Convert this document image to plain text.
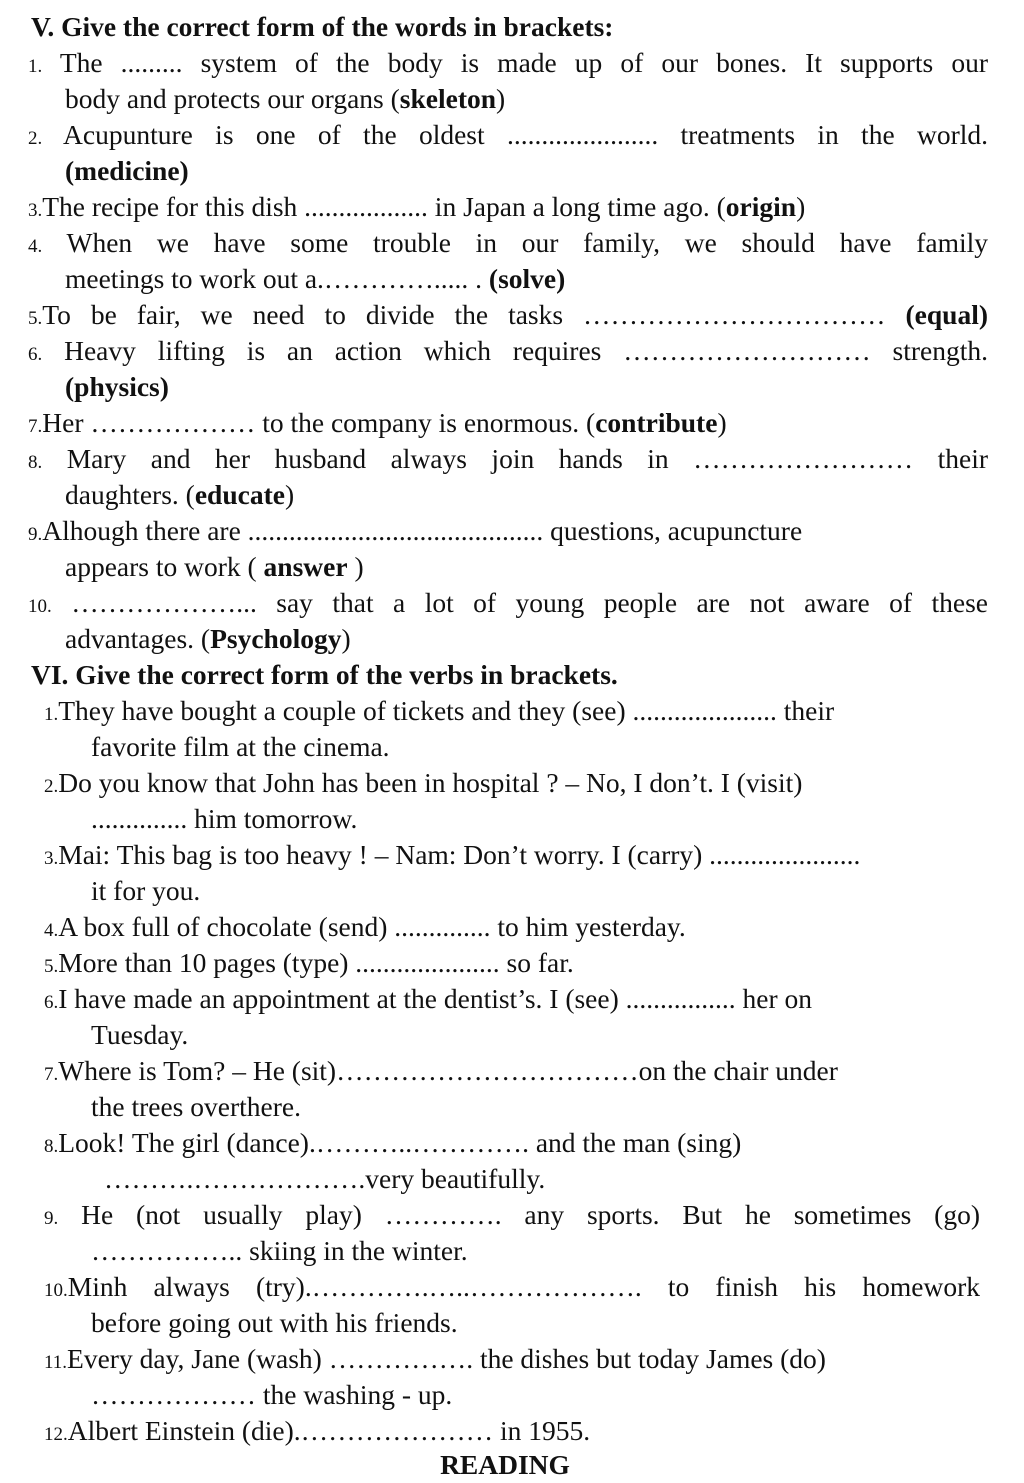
V. Give the correct form of the words in brackets:
1. The ......... system of the body is made up of our bones. It supports our
body and protects our organs (skeleton)
2. Acupunture is one of the oldest ...................... treatments in the world.
(medicine)
3.The recipe for this dish .................. in Japan a long time ago. (origin)
4. When we have some trouble in our family, we should have family
meetings to work out a.…………..... . (solve)
5.To be fair, we need to divide the tasks …………………………… (equal)
6. Heavy lifting is an action which requires ……………………… strength.
(physics)
7.Her ……………… to the company is enormous. (contribute)
8. Mary and her husband always join hands in …………………… their
daughters. (educate)
9.Alhough there are ........................................... questions, acupuncture
appears to work ( answer )
10. ………………... say that a lot of young people are not aware of these
advantages. (Psychology)
VI. Give the correct form of the verbs in brackets.
1.They have bought a couple of tickets and they (see) ..................... their
favorite film at the cinema.
2.Do you know that John has been in hospital ? – No, I don’t. I (visit)
.............. him tomorrow.
3.Mai: This bag is too heavy ! – Nam: Don’t worry. I (carry) ......................
it for you.
4.A box full of chocolate (send) .............. to him yesterday.
5.More than 10 pages (type) ..................... so far.
6.I have made an appointment at the dentist’s. I (see) ................ her on
Tuesday.
7.Where is Tom? – He (sit)……………………………on the chair under
the trees overthere.
8.Look! The girl (dance).………..…………. and the man (sing)
……….……………….very beautifully.
9. He (not usually play) …………. any sports. But he sometimes (go)
…………….. skiing in the winter.
10.Minh always (try).………….…..………………. to finish his homework
before going out with his friends.
11.Every day, Jane (wash) ……………. the dishes but today James (do)
……………… the washing - up.
12.Albert Einstein (die).………………… in 1955.
READING
